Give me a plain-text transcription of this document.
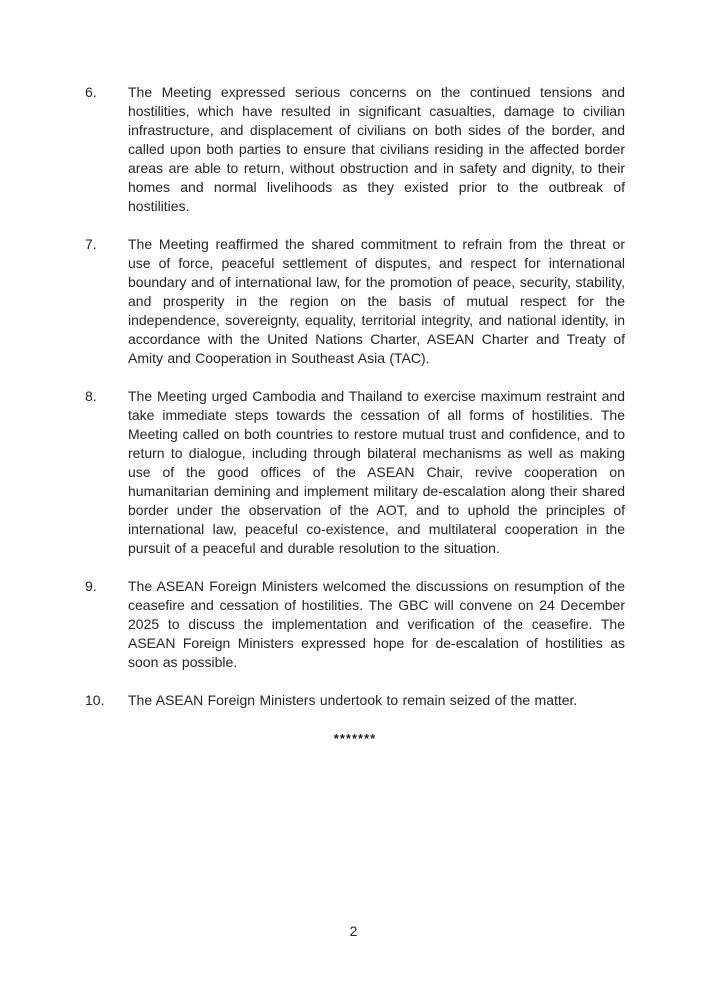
6.	The Meeting expressed serious concerns on the continued tensions and hostilities, which have resulted in significant casualties, damage to civilian infrastructure, and displacement of civilians on both sides of the border, and called upon both parties to ensure that civilians residing in the affected border areas are able to return, without obstruction and in safety and dignity, to their homes and normal livelihoods as they existed prior to the outbreak of hostilities.
7.	The Meeting reaffirmed the shared commitment to refrain from the threat or use of force, peaceful settlement of disputes, and respect for international boundary and of international law, for the promotion of peace, security, stability, and prosperity in the region on the basis of mutual respect for the independence, sovereignty, equality, territorial integrity, and national identity, in accordance with the United Nations Charter, ASEAN Charter and Treaty of Amity and Cooperation in Southeast Asia (TAC).
8.	The Meeting urged Cambodia and Thailand to exercise maximum restraint and take immediate steps towards the cessation of all forms of hostilities. The Meeting called on both countries to restore mutual trust and confidence, and to return to dialogue, including through bilateral mechanisms as well as making use of the good offices of the ASEAN Chair, revive cooperation on humanitarian demining and implement military de-escalation along their shared border under the observation of the AOT, and to uphold the principles of international law, peaceful co-existence, and multilateral cooperation in the pursuit of a peaceful and durable resolution to the situation.
9.	The ASEAN Foreign Ministers welcomed the discussions on resumption of the ceasefire and cessation of hostilities. The GBC will convene on 24 December 2025 to discuss the implementation and verification of the ceasefire. The ASEAN Foreign Ministers expressed hope for de-escalation of hostilities as soon as possible.
10.	The ASEAN Foreign Ministers undertook to remain seized of the matter.
*******
2
